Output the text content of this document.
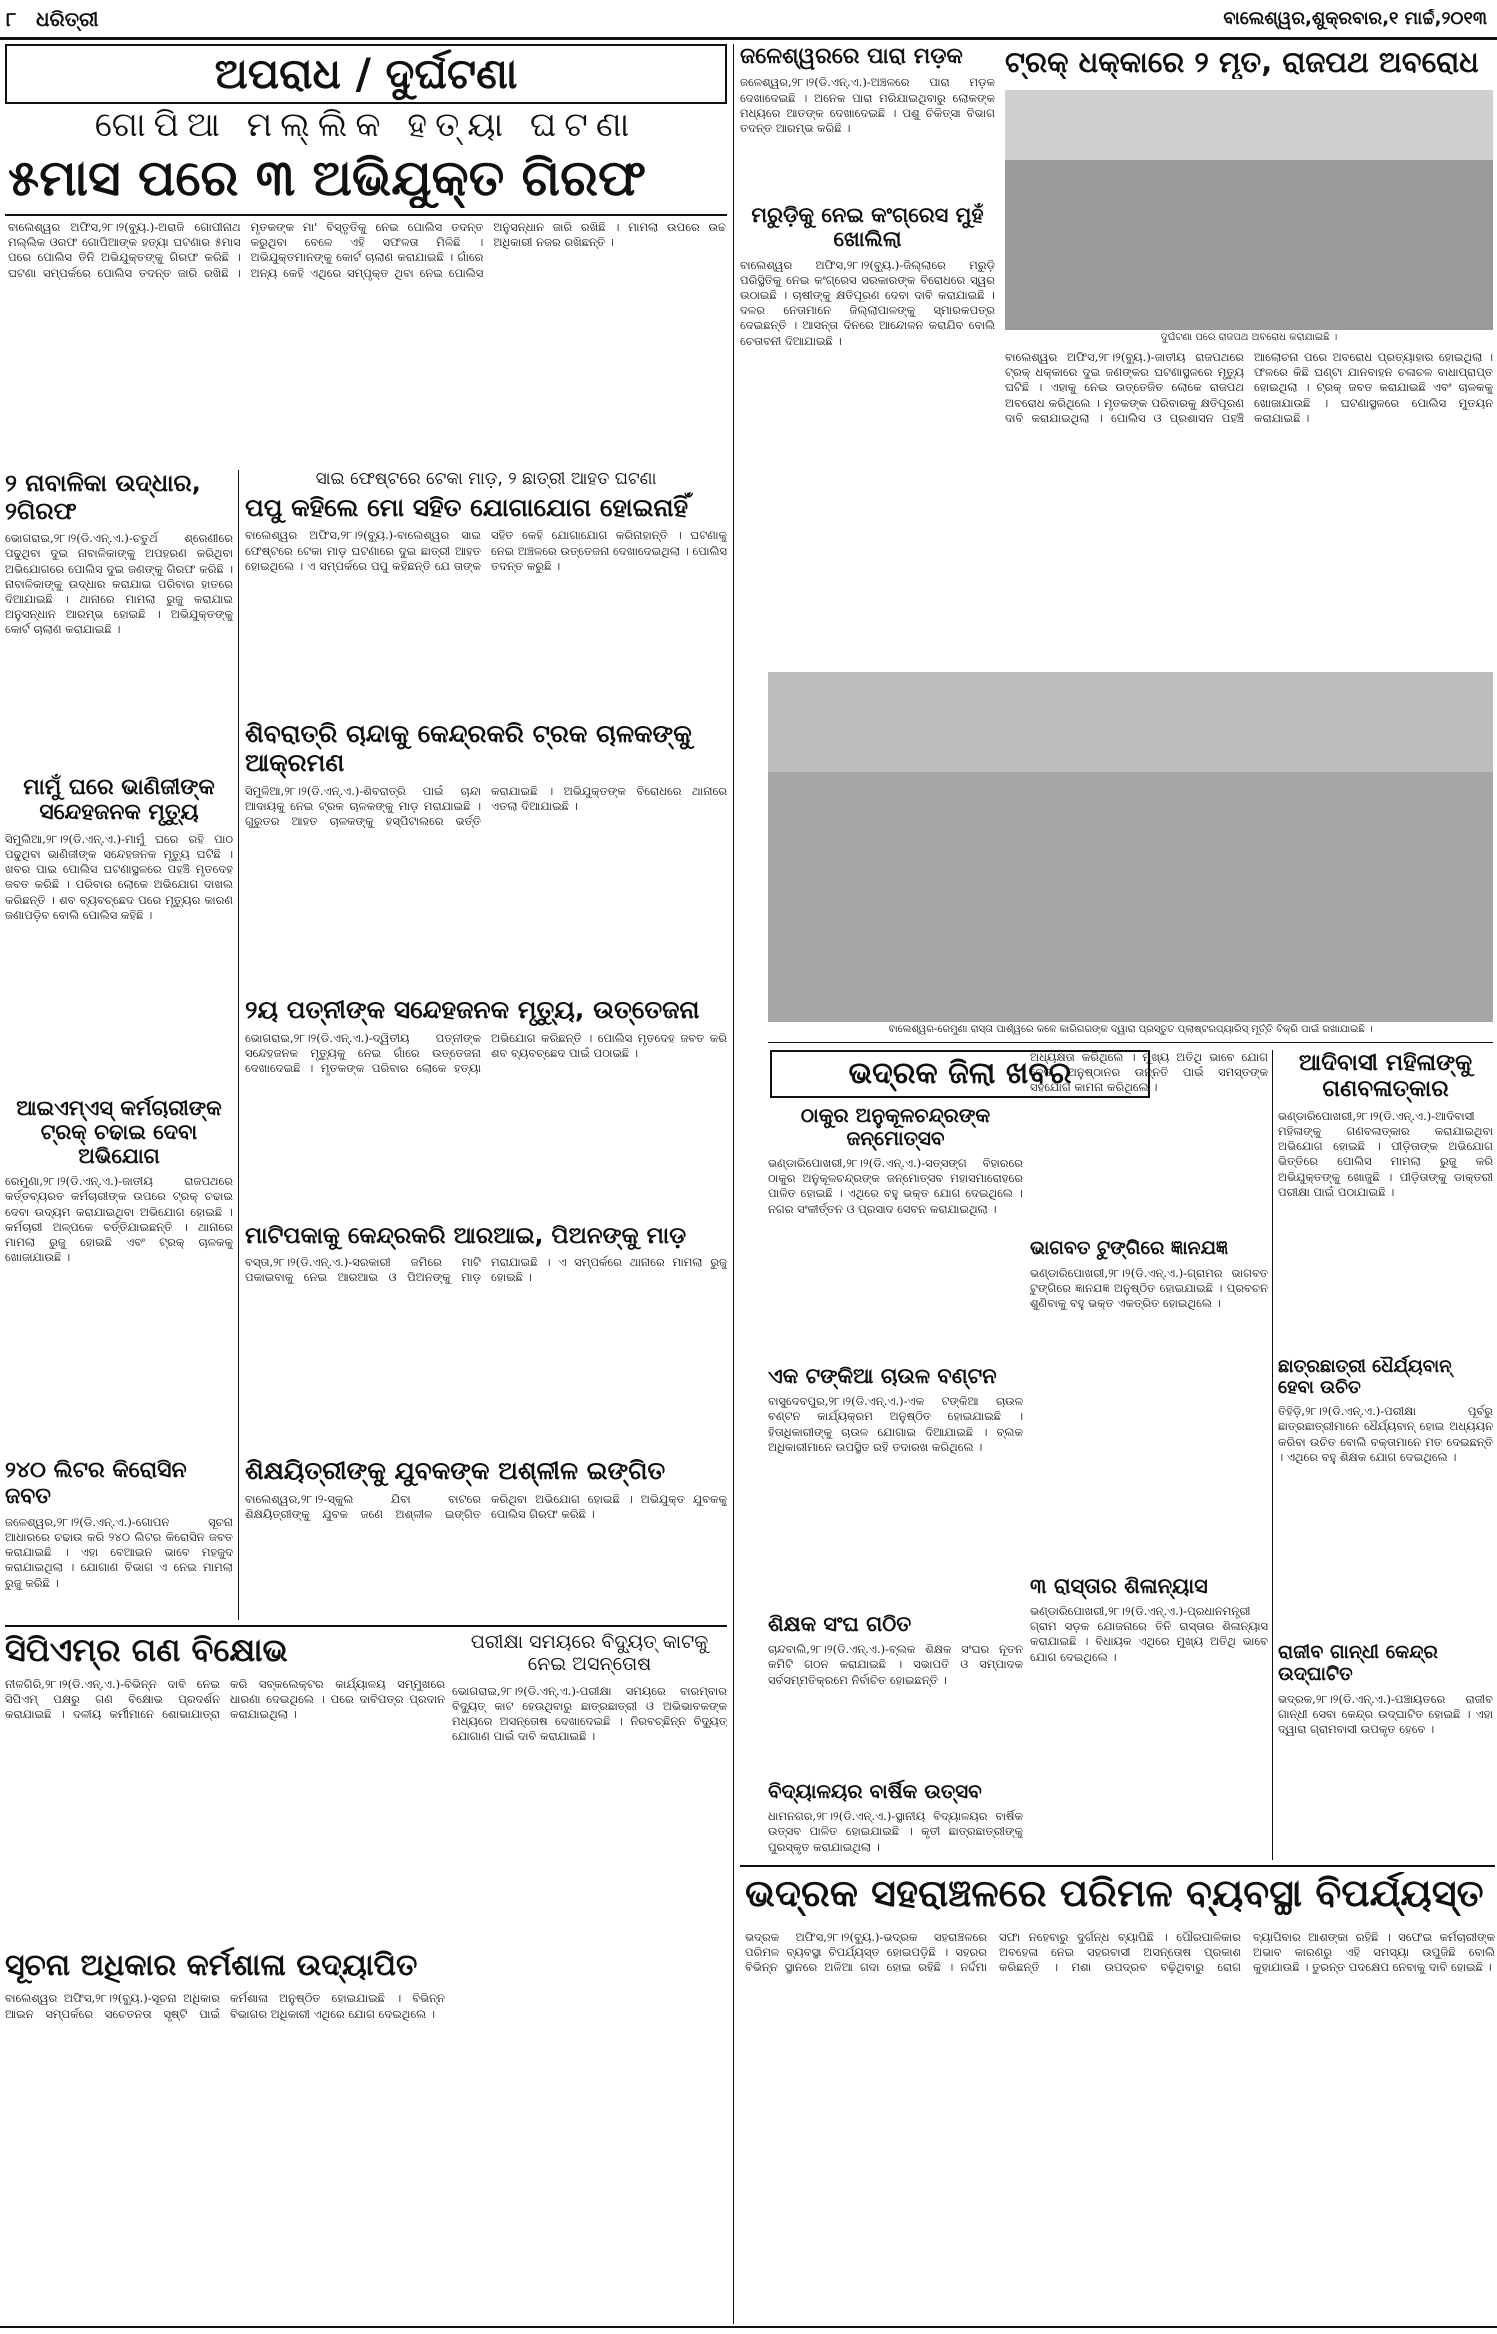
୮ ଧରିତ୍ରୀ	ବାଲେଶ୍ୱର,ଶୁକ୍ରବାର,୧ ମାର୍ଚ୍ଚ,୨୦୧୩
ଅପରାଧ / ଦୁର୍ଘଟଣା
ଗୋପିଆ ମଲ୍ଲିକ ହତ୍ୟା ଘଟଣା
୫ମାସ ପରେ ୩ ଅଭିଯୁକ୍ତ ଗିରଫ
ବାଲେଶ୍ୱର ଅଫିସ,୨୮।୨(ବ୍ୟୁ.)-ଅରାଜି ଗୋପୀନାଥ ମଲ୍ଲିକ ଓରଫ ଗୋପିଆଙ୍କ ହତ୍ୟା ଘଟଣାର ୫ମାସ ପରେ ପୋଲିସ ତିନି ଅଭିଯୁକ୍ତଙ୍କୁ ଗିରଫ କରିଛି । ଘଟଣା ସମ୍ପର୍କରେ ପୋଲିସ ତଦନ୍ତ ଜାରି ରଖିଛି । ମୃତକଙ୍କ ମା' ବିସ୍ତୃତିକୁ ନେଇ ପୋଲିସ ତଦନ୍ତ କରୁଥିବା ବେଳେ ଏହି ସଫଳତା ମିଳିଛି । ଅଭିଯୁକ୍ତମାନଙ୍କୁ କୋର୍ଟ ଚାଲାଣ କରାଯାଇଛି । ଗାଁରେ ଅନ୍ୟ କେହି ଏଥିରେ ସମ୍ପୃକ୍ତ ଥିବା ନେଇ ପୋଲିସ ଅନୁସନ୍ଧାନ ଜାରି ରଖିଛି । ମାମଲା ଉପରେ ଉଚ୍ଚ ଅଧିକାରୀ ନଜର ରଖିଛନ୍ତି ।
୨ ନାବାଳିକା ଉଦ୍ଧାର, ୨ଗିରଫ
ଭୋଗରାଇ,୨୮।୨(ଡି.ଏନ୍.ଏ.)-ଚତୁର୍ଥ ଶ୍ରେଣୀରେ ପଢୁଥିବା ଦୁଇ ନାବାଳିକାଙ୍କୁ ଅପହରଣ କରିଥିବା ଅଭିଯୋଗରେ ପୋଲିସ ଦୁଇ ଜଣଙ୍କୁ ଗିରଫ କରିଛି । ନାବାଳିକାଙ୍କୁ ଉଦ୍ଧାର କରାଯାଇ ପରିବାର ହାତରେ ଦିଆଯାଇଛି । ଥାନାରେ ମାମଲା ରୁଜୁ କରାଯାଇ ଅନୁସନ୍ଧାନ ଆରମ୍ଭ ହୋଇଛି । ଅଭିଯୁକ୍ତଙ୍କୁ କୋର୍ଟ ଚାଲାଣ କରାଯାଇଛି ।
ମାମୁଁ ଘରେ ଭାଣିଜୀଙ୍କ ସନ୍ଦେହଜନକ ମୃତ୍ୟୁ
ସିମୁଲିଆ,୨୮।୨(ଡି.ଏନ୍.ଏ.)-ମାମୁଁ ଘରେ ରହି ପାଠ ପଢୁଥିବା ଭାଣିଜୀଙ୍କ ସନ୍ଦେହଜନକ ମୃତ୍ୟୁ ଘଟିଛି । ଖବର ପାଇ ପୋଲିସ ଘଟଣାସ୍ଥଳରେ ପହଞ୍ଚି ମୃତଦେହ ଜବତ କରିଛି । ପରିବାର ଲୋକେ ଅଭିଯୋଗ ଦାଖଲ କରିଛନ୍ତି । ଶବ ବ୍ୟବଚ୍ଛେଦ ପରେ ମୃତ୍ୟୁର କାରଣ ଜଣାପଡ଼ିବ ବୋଲି ପୋଲିସ କହିଛି ।
ଆଇଏମ୍‌ଏସ୍ କର୍ମଚାରୀଙ୍କ ଟ୍ରକ୍ ଚଢାଇ ଦେବା ଅଭିଯୋଗ
ରେମୁଣା,୨୮।୨(ଡି.ଏନ୍.ଏ.)-ଜାତୀୟ ରାଜପଥରେ କର୍ତ୍ତବ୍ୟରତ କର୍ମଚାରୀଙ୍କ ଉପରେ ଟ୍ରକ୍ ଚଢାଇ ଦେବା ଉଦ୍ୟମ କରାଯାଇଥିବା ଅଭିଯୋଗ ହୋଇଛି । କର୍ମଚାରୀ ଅଳ୍ପକେ ବର୍ତ୍ତିଯାଇଛନ୍ତି । ଥାନାରେ ମାମଲା ରୁଜୁ ହୋଇଛି ଏବଂ ଟ୍ରକ୍ ଚାଳକକୁ ଖୋଜାଯାଉଛି ।
୨୪୦ ଲିଟର କିରୋସିନ ଜବତ
ଜଳେଶ୍ୱର,୨୮।୨(ଡି.ଏନ୍.ଏ.)-ଗୋପନ ସୂଚନା ଆଧାରରେ ଚଢାଉ କରି ୨୪୦ ଲିଟର କିରୋସିନ ଜବତ କରାଯାଇଛି । ଏହା ବେଆଇନ ଭାବେ ମହଜୁଦ କରାଯାଇଥିଲା । ଯୋଗାଣ ବିଭାଗ ଏ ନେଇ ମାମଲା ରୁଜୁ କରିଛି ।
ସାଇ ଫେଷ୍ଟରେ ଟେକା ମାଡ଼, ୨ ଛାତ୍ରୀ ଆହତ ଘଟଣା
ପପୁ କହିଲେ ମୋ ସହିତ ଯୋଗାଯୋଗ ହୋଇନାହିଁ
ବାଲେଶ୍ୱର ଅଫିସ,୨୮।୨(ବ୍ୟୁ.)-ବାଲେଶ୍ୱର ସାଇ ଫେଷ୍ଟରେ ଟେକା ମାଡ଼ ଘଟଣାରେ ଦୁଇ ଛାତ୍ରୀ ଆହତ ହୋଇଥିଲେ । ଏ ସମ୍ପର୍କରେ ପପୁ କହିଛନ୍ତି ଯେ ତାଙ୍କ ସହିତ କେହି ଯୋଗାଯୋଗ କରିନାହାନ୍ତି । ଘଟଣାକୁ ନେଇ ଅଞ୍ଚଳରେ ଉତ୍ତେଜନା ଦେଖାଦେଇଥିଲା । ପୋଲିସ ତଦନ୍ତ କରୁଛି ।
ଶିବରାତ୍ରି ଚାନ୍ଦାକୁ କେନ୍ଦ୍ରକରି ଟ୍ରକ ଚାଳକଙ୍କୁ ଆକ୍ରମଣ
ସିମୁଳିଆ,୨୮।୨(ଡି.ଏନ୍.ଏ.)-ଶିବରାତ୍ରି ପାଇଁ ଚାନ୍ଦା ଆଦାୟକୁ ନେଇ ଟ୍ରକ ଚାଳକଙ୍କୁ ମାଡ଼ ମରାଯାଇଛି । ଗୁରୁତର ଆହତ ଚାଳକଙ୍କୁ ହସ୍ପିଟାଲରେ ଭର୍ତ୍ତି କରାଯାଇଛି । ଅଭିଯୁକ୍ତଙ୍କ ବିରୋଧରେ ଥାନାରେ ଏତଲା ଦିଆଯାଇଛି ।
୨ୟ ପତ୍ନୀଙ୍କ ସନ୍ଦେହଜନକ ମୃତ୍ୟୁ, ଉତ୍ତେଜନା
ଭୋଗରାଇ,୨୮।୨(ଡି.ଏନ୍.ଏ.)-ଦ୍ୱିତୀୟ ପତ୍ନୀଙ୍କ ସନ୍ଦେହଜନକ ମୃତ୍ୟୁକୁ ନେଇ ଗାଁରେ ଉତ୍ତେଜନା ଦେଖାଦେଇଛି । ମୃତକଙ୍କ ପରିବାର ଲୋକେ ହତ୍ୟା ଅଭିଯୋଗ କରିଛନ୍ତି । ପୋଲିସ ମୃତଦେହ ଜବତ କରି ଶବ ବ୍ୟବଚ୍ଛେଦ ପାଇଁ ପଠାଇଛି ।
ମାଟିପକାକୁ କେନ୍ଦ୍ରକରି ଆରଆଇ, ପିଅନଙ୍କୁ ମାଡ଼
ବସ୍ତା,୨୮।୨(ଡି.ଏନ୍.ଏ.)-ସରକାରୀ ଜମିରେ ମାଟି ପକାଇବାକୁ ନେଇ ଆରଆଇ ଓ ପିଅନଙ୍କୁ ମାଡ଼ ମରାଯାଇଛି । ଏ ସମ୍ପର୍କରେ ଥାନାରେ ମାମଲା ରୁଜୁ ହୋଇଛି ।
ଶିକ୍ଷୟିତ୍ରୀଙ୍କୁ ଯୁବକଙ୍କ ଅଶ୍ଳୀଳ ଇଙ୍ଗିତ
ବାଲେଶ୍ୱର,୨୮।୨-ସ୍କୁଲ ଯିବା ବାଟରେ ଶିକ୍ଷୟିତ୍ରୀଙ୍କୁ ଯୁବକ ଜଣେ ଅଶ୍ଳୀଳ ଇଙ୍ଗିତ କରିଥିବା ଅଭିଯୋଗ ହୋଇଛି । ଅଭିଯୁକ୍ତ ଯୁବକକୁ ପୋଲିସ ଗିରଫ କରିଛି ।
ସିପିଏମ୍‌ର ଗଣ ବିକ୍ଷୋଭ
ନୀଳଗିରି,୨୮।୨(ଡି.ଏନ୍.ଏ.)-ବିଭିନ୍ନ ଦାବି ନେଇ ସିପିଏମ୍ ପକ୍ଷରୁ ଗଣ ବିକ୍ଷୋଭ ପ୍ରଦର୍ଶନ କରାଯାଇଛି । ଦଳୀୟ କର୍ମୀମାନେ ଶୋଭାଯାତ୍ରା କରି ସବ୍‌କଲେକ୍ଟର କାର୍ଯ୍ୟାଳୟ ସମ୍ମୁଖରେ ଧାରଣା ଦେଇଥିଲେ । ପରେ ଦାବିପତ୍ର ପ୍ରଦାନ କରାଯାଇଥିଲା ।
ସୂଚନା ଅଧିକାର କର୍ମଶାଳା ଉଦ୍ୟାପିତ
ବାଲେଶ୍ୱର ଅଫିସ,୨୮।୨(ବ୍ୟୁ.)-ସୂଚନା ଅଧିକାର ଆଇନ ସମ୍ପର୍କରେ ସଚେତନତା ସୃଷ୍ଟି ପାଇଁ କର୍ମଶାଳା ଅନୁଷ୍ଠିତ ହୋଇଯାଇଛି । ବିଭିନ୍ନ ବିଭାଗର ଅଧିକାରୀ ଏଥିରେ ଯୋଗ ଦେଇଥିଲେ ।
ପରୀକ୍ଷା ସମୟରେ ବିଦ୍ୟୁତ୍ କାଟକୁ ନେଇ ଅସନ୍ତୋଷ
ଭୋଗରାଇ,୨୮।୨(ଡି.ଏନ୍.ଏ.)-ପରୀକ୍ଷା ସମୟରେ ବାରମ୍ବାର ବିଦ୍ୟୁତ୍ କାଟ ହେଉଥିବାରୁ ଛାତ୍ରଛାତ୍ରୀ ଓ ଅଭିଭାବକଙ୍କ ମଧ୍ୟରେ ଅସନ୍ତୋଷ ଦେଖାଦେଇଛି । ନିରବଚ୍ଛିନ୍ନ ବିଦ୍ୟୁତ୍ ଯୋଗାଣ ପାଇଁ ଦାବି କରାଯାଇଛି ।
ଜଳେଶ୍ୱରରେ ପାରା ମଡ଼କ
ଜଳେଶ୍ୱର,୨୮।୨(ଡି.ଏନ୍.ଏ.)-ଅଞ୍ଚଳରେ ପାରା ମଡ଼କ ଦେଖାଦେଇଛି । ଅନେକ ପାରା ମରିଯାଇଥିବାରୁ ଲୋକଙ୍କ ମଧ୍ୟରେ ଆତଙ୍କ ଦେଖାଦେଇଛି । ପଶୁ ଚିକିତ୍ସା ବିଭାଗ ତଦନ୍ତ ଆରମ୍ଭ କରିଛି ।
ମରୁଡ଼ିକୁ ନେଇ କଂଗ୍ରେସ ମୁହଁ ଖୋଲିଲା
ବାଲେଶ୍ୱର ଅଫିସ,୨୮।୨(ବ୍ୟୁ.)-ଜିଲ୍ଲାରେ ମରୁଡ଼ି ପରିସ୍ଥିତିକୁ ନେଇ କଂଗ୍ରେସ ସରକାରଙ୍କ ବିରୋଧରେ ସ୍ୱର ଉଠାଇଛି । ଚାଷୀଙ୍କୁ କ୍ଷତିପୂରଣ ଦେବା ଦାବି କରାଯାଇଛି । ଦଳର ନେତାମାନେ ଜିଲ୍ଲାପାଳଙ୍କୁ ସ୍ମାରକପତ୍ର ଦେଇଛନ୍ତି । ଆସନ୍ତା ଦିନରେ ଆନ୍ଦୋଳନ କରାଯିବ ବୋଲି ଚେତାବନୀ ଦିଆଯାଇଛି ।
ଟ୍ରକ୍ ଧକ୍କାରେ ୨ ମୃତ, ରାଜପଥ ଅବରୋଧ
ଦୁର୍ଘଟଣା ପରେ ରାଜପଥ ଅବରୋଧ କରାଯାଇଛି ।
ବାଲେଶ୍ୱର ଅଫିସ,୨୮।୨(ବ୍ୟୁ.)-ଜାତୀୟ ରାଜପଥରେ ଟ୍ରକ୍ ଧକ୍କାରେ ଦୁଇ ଜଣଙ୍କର ଘଟଣାସ୍ଥଳରେ ମୃତ୍ୟୁ ଘଟିଛି । ଏହାକୁ ନେଇ ଉତ୍ତେଜିତ ଲୋକେ ରାଜପଥ ଅବରୋଧ କରିଥିଲେ । ମୃତକଙ୍କ ପରିବାରକୁ କ୍ଷତିପୂରଣ ଦାବି କରାଯାଇଥିଲା । ପୋଲିସ ଓ ପ୍ରଶାସନ ପହଞ୍ଚି ଆଲୋଚନା ପରେ ଅବରୋଧ ପ୍ରତ୍ୟାହାର ହୋଇଥିଲା । ଫଳରେ କିଛି ଘଣ୍ଟା ଯାନବାହନ ଚଳାଚଳ ବାଧାପ୍ରାପ୍ତ ହୋଇଥିଲା । ଟ୍ରକ୍ ଜବତ କରାଯାଇଛି ଏବଂ ଚାଳକକୁ ଖୋଜାଯାଉଛି । ଘଟଣାସ୍ଥଳରେ ପୋଲିସ ମୁତୟନ କରାଯାଇଛି ।
ବାଲେଶ୍ୱର-ରେମୁଣା ରାସ୍ତା ପାର୍ଶ୍ୱରେ କଳେ କାରିଗରଙ୍କ ଦ୍ୱାରା ପ୍ରସ୍ତୁତ ପ୍ଲାଷ୍ଟରପ୍ୟାରିସ୍ ମୂର୍ତ୍ତି ବିକ୍ରି ପାଇଁ ରଖାଯାଇଛି ।
ଭଦ୍ରକ ଜିଲା ଖବର
ଠାକୁର ଅନୁକୂଳଚନ୍ଦ୍ରଙ୍କ ଜନ୍ମୋତ୍ସବ
ଭଣ୍ଡାରିପୋଖରୀ,୨୮।୨(ଡି.ଏନ୍.ଏ.)-ସତ୍‌ସଙ୍ଗ ବିହାରରେ ଠାକୁର ଅନୁକୂଳଚନ୍ଦ୍ରଙ୍କ ଜନ୍ମୋତ୍ସବ ମହାସମାରୋହରେ ପାଳିତ ହୋଇଛି । ଏଥିରେ ବହୁ ଭକ୍ତ ଯୋଗ ଦେଇଥିଲେ । ନଗର ସଂକୀର୍ତ୍ତନ ଓ ପ୍ରସାଦ ସେବନ କରାଯାଇଥିଲା ।
ଏକ ଟଙ୍କିଆ ଚାଉଳ ବଣ୍ଟନ
ବାସୁଦେବପୁର,୨୮।୨(ଡି.ଏନ୍.ଏ.)-ଏକ ଟଙ୍କିଆ ଚାଉଳ ବଣ୍ଟନ କାର୍ଯ୍ୟକ୍ରମ ଅନୁଷ୍ଠିତ ହୋଇଯାଇଛି । ହିତାଧିକାରୀଙ୍କୁ ଚାଉଳ ଯୋଗାଇ ଦିଆଯାଇଛି । ବ୍ଲକ ଅଧିକାରୀମାନେ ଉପସ୍ଥିତ ରହି ତଦାରଖ କରିଥିଲେ ।
ଶିକ୍ଷକ ସଂଘ ଗଠିତ
ଚାନ୍ଦବାଲି,୨୮।୨(ଡି.ଏନ୍.ଏ.)-ବ୍ଲକ ଶିକ୍ଷକ ସଂଘର ନୂତନ କମିଟି ଗଠନ କରାଯାଇଛି । ସଭାପତି ଓ ସମ୍ପାଦକ ସର୍ବସମ୍ମତିକ୍ରମେ ନିର୍ବାଚିତ ହୋଇଛନ୍ତି ।
ବିଦ୍ୟାଳୟର ବାର୍ଷିକ ଉତ୍ସବ
ଧାମନଗର,୨୮।୨(ଡି.ଏନ୍.ଏ.)-ସ୍ଥାନୀୟ ବିଦ୍ୟାଳୟର ବାର୍ଷିକ ଉତ୍ସବ ପାଳିତ ହୋଇଯାଇଛି । କୃତୀ ଛାତ୍ରଛାତ୍ରୀଙ୍କୁ ପୁରସ୍କୃତ କରାଯାଇଥିଲା ।
ଅଧ୍ୟକ୍ଷତା କରିଥିଲେ । ମୁଖ୍ୟ ଅତିଥି ଭାବେ ଯୋଗ ଦେଇ ଅନୁଷ୍ଠାନର ଉନ୍ନତି ପାଇଁ ସମସ୍ତଙ୍କ ସହଯୋଗ କାମନା କରିଥିଲେ ।
ଭାଗବତ ଟୁଙ୍ଗିରେ ଜ୍ଞାନଯଜ୍ଞ
ଭଣ୍ଡାରିପୋଖରୀ,୨୮।୨(ଡି.ଏନ୍.ଏ.)-ଗ୍ରାମର ଭାଗବତ ଟୁଙ୍ଗିରେ ଜ୍ଞାନଯଜ୍ଞ ଅନୁଷ୍ଠିତ ହୋଇଯାଇଛି । ପ୍ରବଚନ ଶୁଣିବାକୁ ବହୁ ଭକ୍ତ ଏକତ୍ରିତ ହୋଇଥିଲେ ।
୩ ରାସ୍ତାର ଶିଳାନ୍ୟାସ
ଭଣ୍ଡାରିପୋଖରୀ,୨୮।୨(ଡି.ଏନ୍.ଏ.)-ପ୍ରଧାନମନ୍ତ୍ରୀ ଗ୍ରାମ ସଡ଼କ ଯୋଜନାରେ ତିନି ରାସ୍ତାର ଶିଳାନ୍ୟାସ କରାଯାଇଛି । ବିଧାୟକ ଏଥିରେ ମୁଖ୍ୟ ଅତିଥି ଭାବେ ଯୋଗ ଦେଇଥିଲେ ।
ଆଦିବାସୀ ମହିଳାଙ୍କୁ ଗଣବଳାତ୍କାର
ଭଣ୍ଡାରିପୋଖରୀ,୨୮।୨(ଡି.ଏନ୍.ଏ.)-ଆଦିବାସୀ ମହିଳାଙ୍କୁ ଗଣବଳାତ୍କାର କରାଯାଇଥିବା ଅଭିଯୋଗ ହୋଇଛି । ପୀଡ଼ିତାଙ୍କ ଅଭିଯୋଗ ଭିତ୍ତିରେ ପୋଲିସ ମାମଲା ରୁଜୁ କରି ଅଭିଯୁକ୍ତଙ୍କୁ ଖୋଜୁଛି । ପୀଡ଼ିତାଙ୍କୁ ଡାକ୍ତରୀ ପରୀକ୍ଷା ପାଇଁ ପଠାଯାଇଛି ।
ଛାତ୍ରଛାତ୍ରୀ ଧୈର୍ଯ୍ୟବାନ୍ ହେବା ଉଚିତ
ତିହିଡ଼ି,୨୮।୨(ଡି.ଏନ୍.ଏ.)-ପରୀକ୍ଷା ପୂର୍ବରୁ ଛାତ୍ରଛାତ୍ରୀମାନେ ଧୈର୍ଯ୍ୟବାନ୍ ହୋଇ ଅଧ୍ୟୟନ କରିବା ଉଚିତ ବୋଲି ବକ୍ତାମାନେ ମତ ଦେଇଛନ୍ତି । ଏଥିରେ ବହୁ ଶିକ୍ଷକ ଯୋଗ ଦେଇଥିଲେ ।
ରାଜୀବ ଗାନ୍ଧୀ କେନ୍ଦ୍ର ଉଦ୍‌ଘାଟିତ
ଭଦ୍ରକ,୨୮।୨(ଡି.ଏନ୍.ଏ.)-ପଞ୍ଚାୟତରେ ରାଜୀବ ଗାନ୍ଧୀ ସେବା କେନ୍ଦ୍ର ଉଦ୍‌ଘାଟିତ ହୋଇଛି । ଏହା ଦ୍ୱାରା ଗ୍ରାମବାସୀ ଉପକୃତ ହେବେ ।
ଭଦ୍ରକ ସହରାଞ୍ଚଳରେ ପରିମଳ ବ୍ୟବସ୍ଥା ବିପର୍ଯ୍ୟସ୍ତ
ଭଦ୍ରକ ଅଫିସ,୨୮।୨(ବ୍ୟୁ.)-ଭଦ୍ରକ ସହରାଞ୍ଚଳରେ ପରିମଳ ବ୍ୟବସ୍ଥା ବିପର୍ଯ୍ୟସ୍ତ ହୋଇପଡ଼ିଛି । ସହରର ବିଭିନ୍ନ ସ୍ଥାନରେ ଅଳିଆ ଗଦା ହୋଇ ରହିଛି । ନର୍ଦ୍ଦମା ସଫା ନହେବାରୁ ଦୁର୍ଗନ୍ଧ ବ୍ୟାପିଛି । ପୌରପାଳିକାର ଅବହେଳା ନେଇ ସହରବାସୀ ଅସନ୍ତୋଷ ପ୍ରକାଶ କରିଛନ୍ତି । ମଶା ଉପଦ୍ରବ ବଢ଼ିଥିବାରୁ ରୋଗ ବ୍ୟାପିବାର ଆଶଙ୍କା ରହିଛି । ସଫେଇ କର୍ମଚାରୀଙ୍କ ଅଭାବ କାରଣରୁ ଏହି ସମସ୍ୟା ଉପୁଜିଛି ବୋଲି କୁହାଯାଉଛି । ତୁରନ୍ତ ପଦକ୍ଷେପ ନେବାକୁ ଦାବି ହୋଇଛି ।
